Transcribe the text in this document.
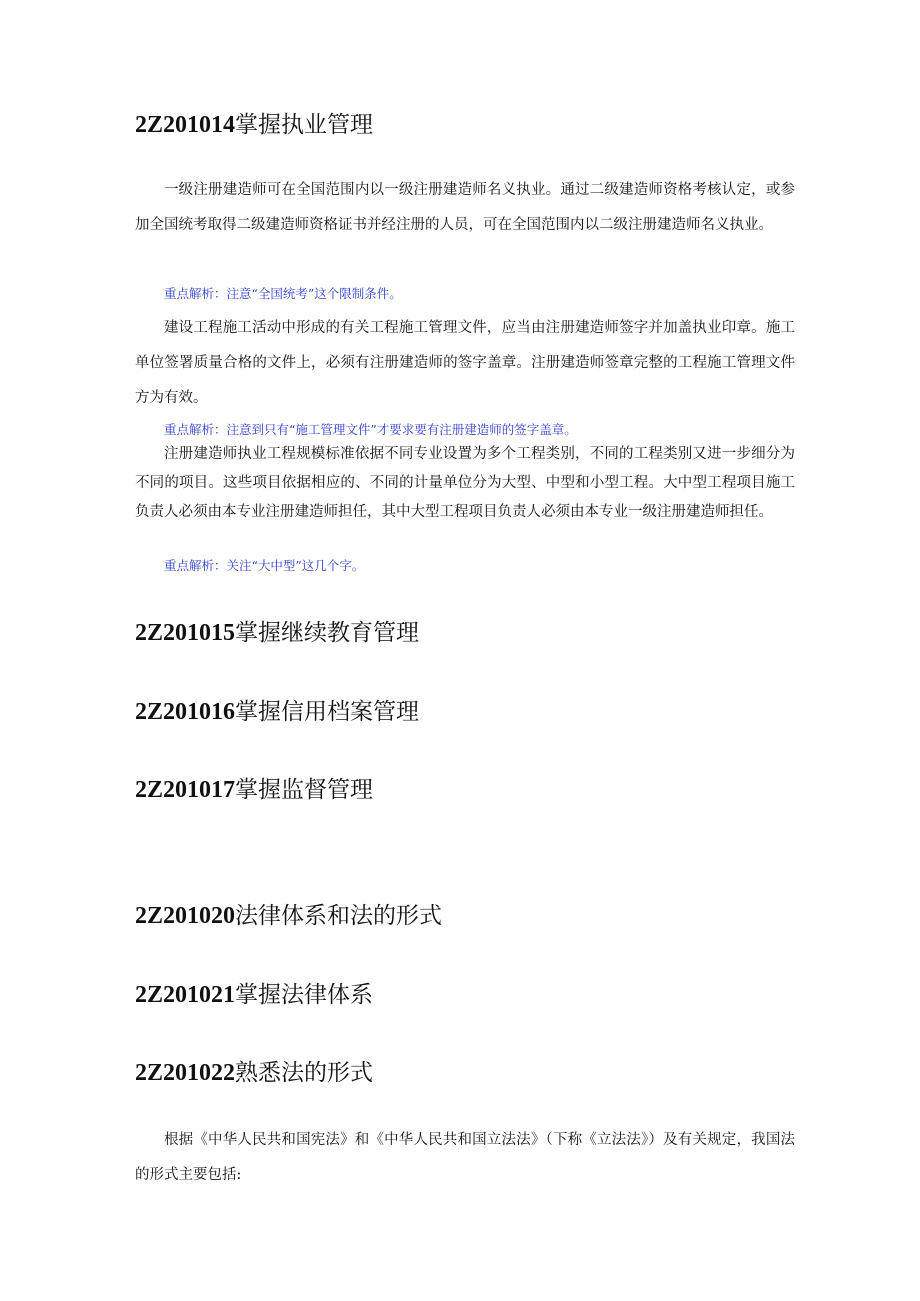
2Z201014掌握执业管理

一级注册建造师可在全国范围内以一级注册建造师名义执业。通过二级建造师资格考核认定，或参加全国统考取得二级建造师资格证书并经注册的人员，可在全国范围内以二级注册建造师名义执业。

重点解析：注意“全国统考”这个限制条件。

建设工程施工活动中形成的有关工程施工管理文件，应当由注册建造师签字并加盖执业印章。施工单位签署质量合格的文件上，必须有注册建造师的签字盖章。注册建造师签章完整的工程施工管理文件方为有效。

重点解析：注意到只有“施工管理文件”才要求要有注册建造师的签字盖章。

注册建造师执业工程规模标准依据不同专业设置为多个工程类别，不同的工程类别又进一步细分为不同的项目。这些项目依据相应的、不同的计量单位分为大型、中型和小型工程。大中型工程项目施工负责人必须由本专业注册建造师担任，其中大型工程项目负责人必须由本专业一级注册建造师担任。

重点解析：关注“大中型”这几个字。

2Z201015掌握继续教育管理
2Z201016掌握信用档案管理
2Z201017掌握监督管理
2Z201020法律体系和法的形式
2Z201021掌握法律体系
2Z201022熟悉法的形式

根据《中华人民共和国宪法》和《中华人民共和国立法法》（下称《立法法》）及有关规定，我国法的形式主要包括:
